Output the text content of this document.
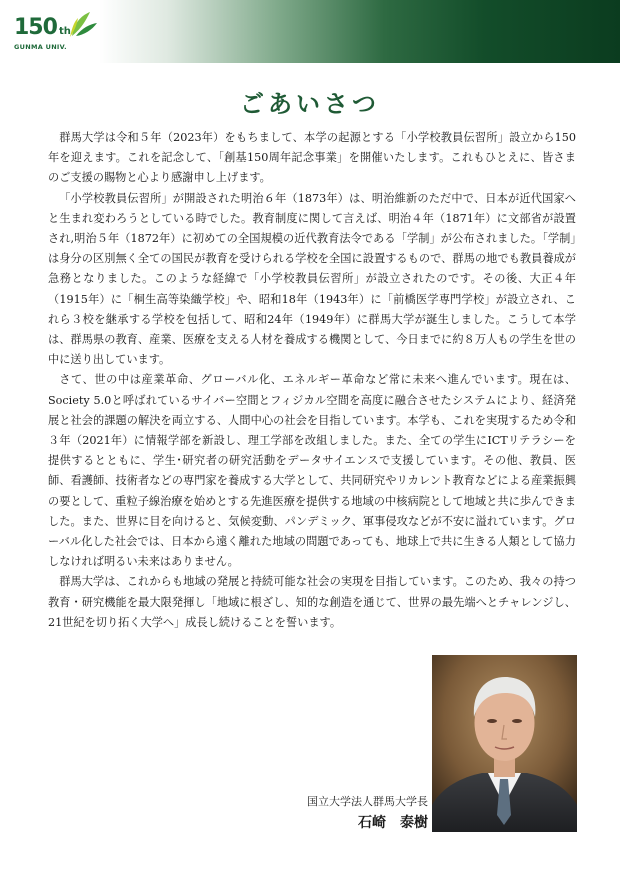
150 th
GUNMA UNIV.
ごあいさつ

群馬大学は令和５年（2023年）をもちまして、本学の起源とする「小学校教員伝習所」設立から150年を迎えます。これを記念して、「創基150周年記念事業」を開催いたします。これもひとえに、皆さまのご支援の賜物と心より感謝申し上げます。

「小学校教員伝習所」が開設された明治６年（1873年）は、明治維新のただ中で、日本が近代国家へと生まれ変わろうとしている時でした。教育制度に関して言えば、明治４年（1871年）に文部省が設置され,明治５年（1872年）に初めての全国規模の近代教育法令である「学制」が公布されました。「学制」は身分の区別無く全ての国民が教育を受けられる学校を全国に設置するもので、群馬の地でも教員養成が急務となりました。このような経緯で「小学校教員伝習所」が設立されたのです。その後、大正４年（1915年）に「桐生高等染織学校」や、昭和18年（1943年）に「前橋医学専門学校」が設立され、これら３校を継承する学校を包括して、昭和24年（1949年）に群馬大学が誕生しました。こうして本学は、群馬県の教育、産業、医療を支える人材を養成する機関として、今日までに約８万人もの学生を世の中に送り出しています。

さて、世の中は産業革命、グローバル化、エネルギー革命など常に未来へ進んでいます。現在は、Society 5.0と呼ばれているサイバー空間とフィジカル空間を高度に融合させたシステムにより、経済発展と社会的課題の解決を両立する、人間中心の社会を目指しています。本学も、これを実現するため令和３年（2021年）に情報学部を新設し、理工学部を改組しました。また、全ての学生にICTリテラシーを提供するとともに、学生･研究者の研究活動をデータサイエンスで支援しています。その他、教員、医師、看護師、技術者などの専門家を養成する大学として、共同研究やリカレント教育などによる産業振興の要として、重粒子線治療を始めとする先進医療を提供する地域の中核病院として地域と共に歩んできました。また、世界に目を向けると、気候変動、パンデミック、軍事侵攻などが不安に溢れています。グローバル化した社会では、日本から遠く離れた地域の問題であっても、地球上で共に生きる人類として協力しなければ明るい未来はありません。

群馬大学は、これからも地域の発展と持続可能な社会の実現を目指しています。このため、我々の持つ教育・研究機能を最大限発揮し「地域に根ざし、知的な創造を通じて、世界の最先端へとチャレンジし、21世紀を切り拓く大学へ」成長し続けることを誓います。

国立大学法人群馬大学長
石崎　泰樹
